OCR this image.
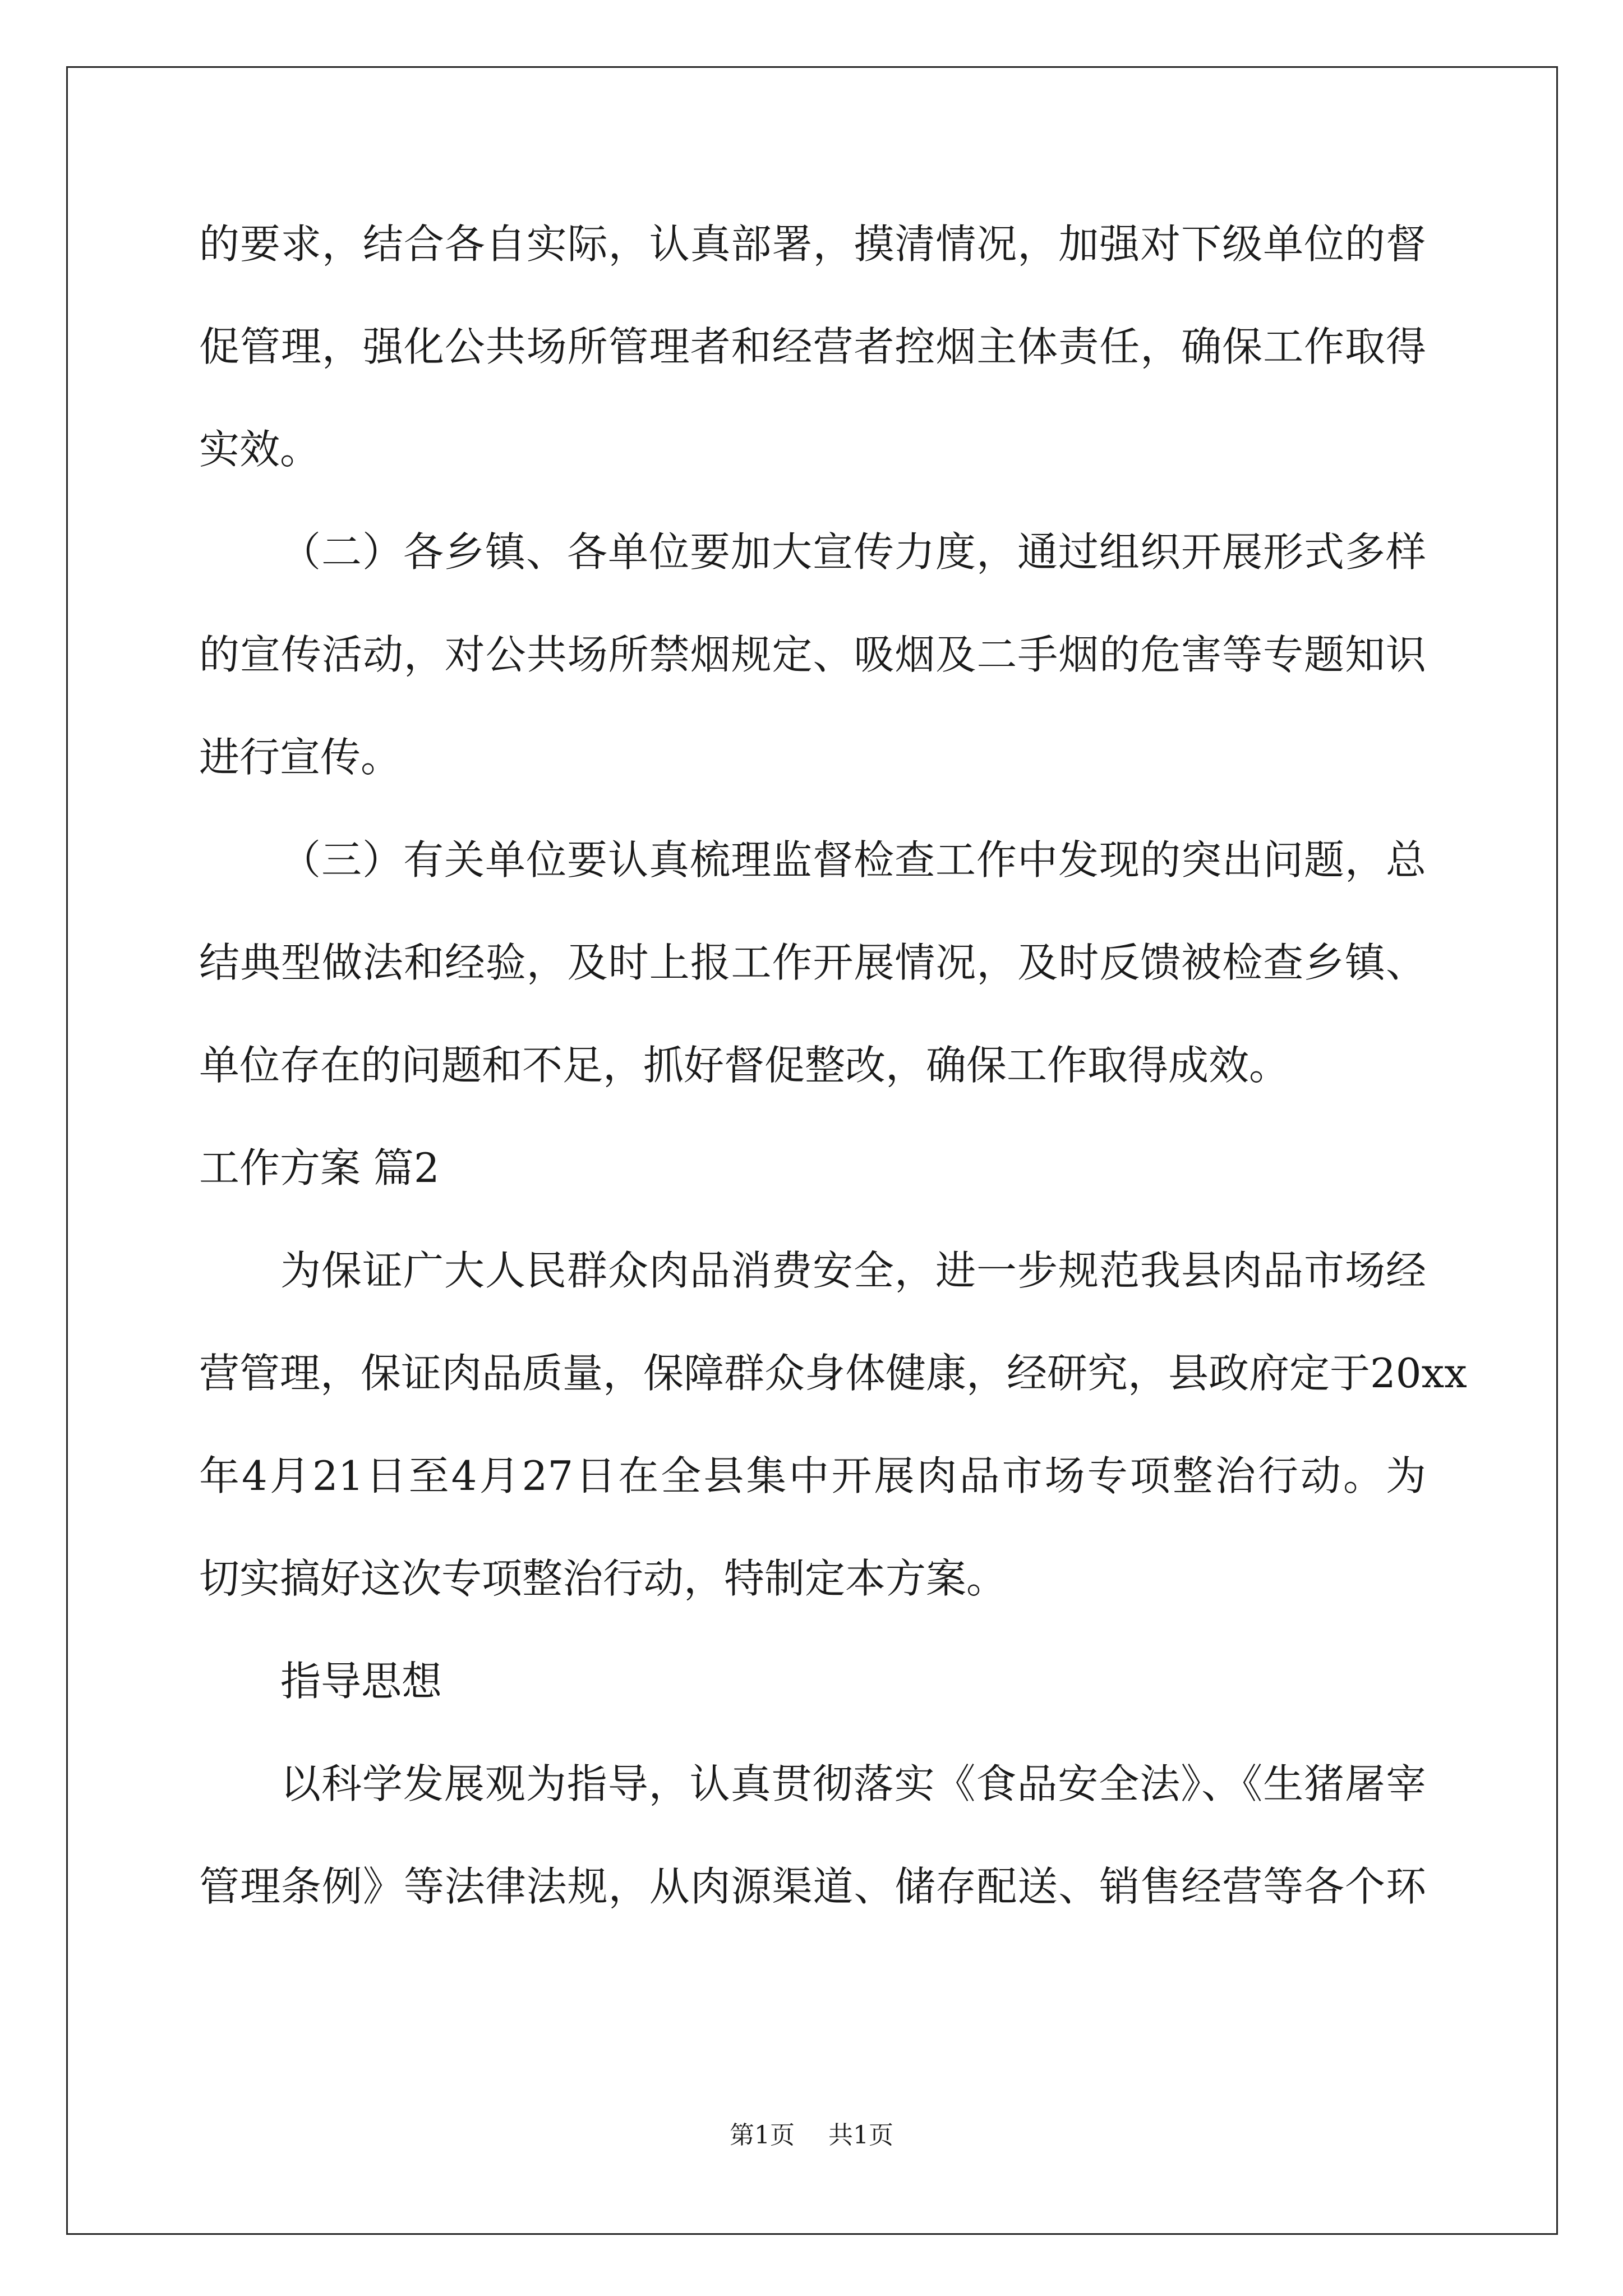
的要求，结合各自实际，认真部署，摸清情况，加强对下级单位的督
促管理，强化公共场所管理者和经营者控烟主体责任，确保工作取得
实效。
（二）各乡镇、各单位要加大宣传力度，通过组织开展形式多样
的宣传活动，对公共场所禁烟规定、吸烟及二手烟的危害等专题知识
进行宣传。
（三）有关单位要认真梳理监督检查工作中发现的突出问题，总
结典型做法和经验，及时上报工作开展情况，及时反馈被检查乡镇、
单位存在的问题和不足，抓好督促整改，确保工作取得成效。
工作方案 篇2
为保证广大人民群众肉品消费安全，进一步规范我县肉品市场经
营管理，保证肉品质量，保障群众身体健康，经研究，县政府定于20xx
年4月21日至4月27日在全县集中开展肉品市场专项整治行动。为
切实搞好这次专项整治行动，特制定本方案。
指导思想
以科学发展观为指导，认真贯彻落实《食品安全法》、《生猪屠宰
管理条例》等法律法规，从肉源渠道、储存配送、销售经营等各个环
第1页 共1页
